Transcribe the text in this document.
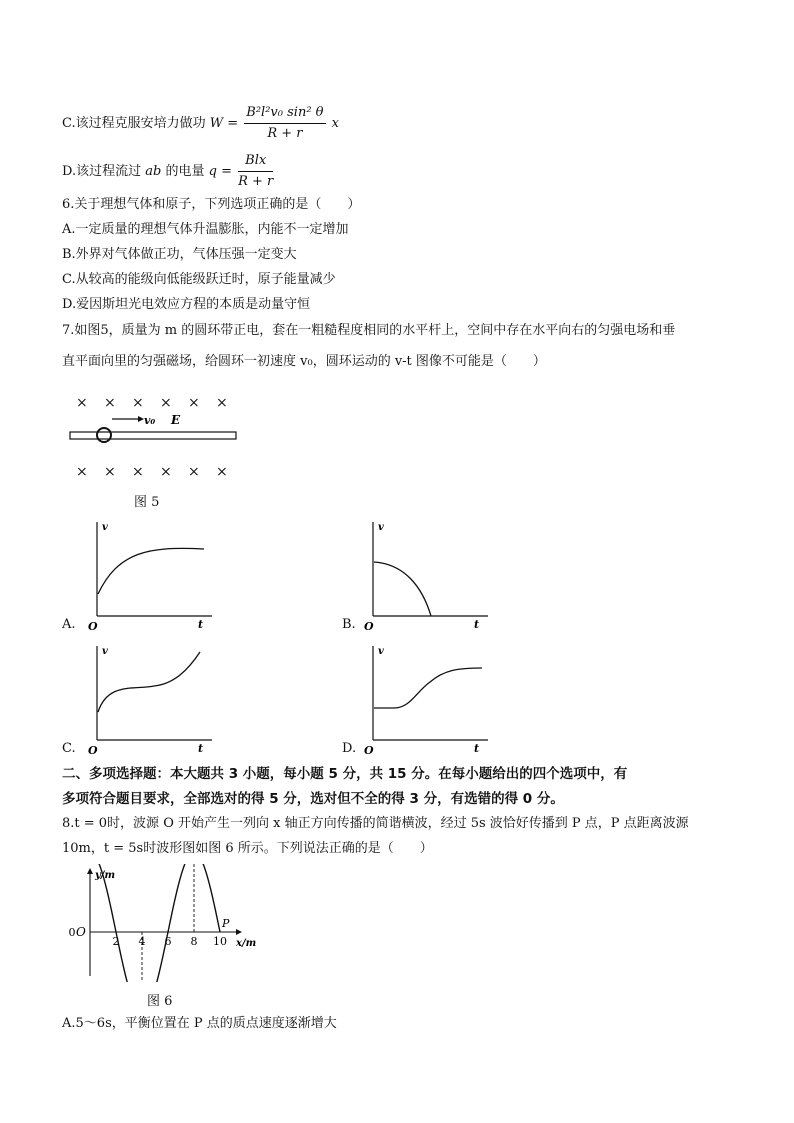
C.该过程克服安培力做功 $W = \frac{\text{B²l²v₀ sin² θ}}{R + r}$ x
D.该过程流过 ab 的电量 $q = \frac{\text{Blx}}{R + r}$
6.关于理想气体和原子，下列选项正确的是（　　）
A.一定质量的理想气体升温膨胀，内能不一定增加
B.外界对气体做正功，气体压强一定变大
C.从较高的能级向低能级跃迁时，原子能量减少
D.爱因斯坦光电效应方程的本质是动量守恒
7.如图5，质量为 m 的圆环带正电，套在一粗糙程度相同的水平杆上，空间中存在水平向右的匀强电场和垂
直平面向里的匀强磁场，给圆环一初速度 v₀，圆环运动的 v-t 图像不可能是（　　）
× × × × × ×
× × × × × ×
v₀ E
图 5
v
O	t
A.
v
O	t
B.
v
O	t
C.
v
O	t
D.
二、多项选择题：本大题共 3 小题，每小题 5 分，共 15 分。在每小题给出的四个选项中，有
多项符合题目要求，全部选对的得 5 分，选对但不全的得 3 分，有选错的得 0 分。
8.t = 0时，波源 O 开始产生一列向 x 轴正方向传播的简谐横波，经过 5s 波恰好传播到 P 点，P 点距离波源
10m，t = 5s时波形图如图 6 所示。下列说法正确的是（　　）
y/m
x/m
P
0
2 4 6 8 10
O
图 6
A.5～6s，平衡位置在 P 点的质点速度逐渐增大
